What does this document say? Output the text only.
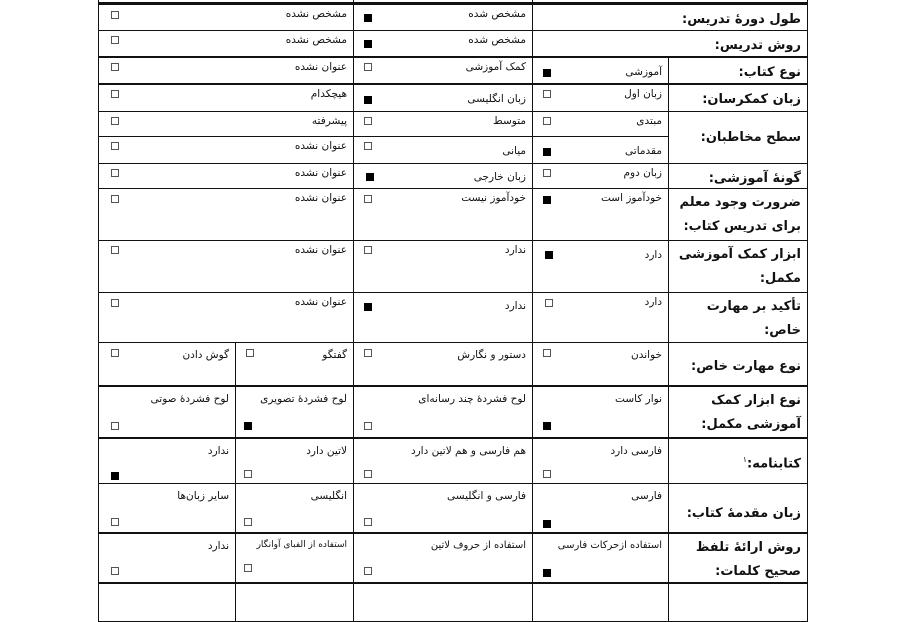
طول دورهٔ تدریس:
مشخص شده
مشخص نشده
روش تدریس:
مشخص شده
مشخص نشده
نوع کتاب:
آموزشی
کمک آموزشی
عنوان نشده
زبان کمکرسان:
زبان اول
زبان انگلیسی
هیچکدام
سطح مخاطبان:
مبتدی
متوسط
پیشرفته
مقدماتی
میانی
عنوان نشده
گونهٔ آموزشی:
زبان دوم
زبان خارجی
عنوان نشده
ضرورت وجود معلم برای تدریس کتاب:
خودآموز است
خودآموز نیست
عنوان نشده
ابزار کمک آموزشی مکمل:
دارد
ندارد
عنوان نشده
تأکید بر مهارت خاص:
دارد
ندارد
عنوان نشده
نوع مهارت خاص:
خواندن
دستور و نگارش
گفتگو
گوش دادن
نوع ابزار کمک آموزشی مکمل:
نوار کاست
لوح فشردهٔ چند رسانه‌ای
لوح فشردهٔ تصویری
لوح فشردهٔ صوتی
کتابنامه:$^۱$
فارسی دارد
هم فارسی و هم لاتین دارد
لاتین دارد
ندارد
زبان مقدمهٔ کتاب:
فارسی
فارسی و انگلیسی
انگلیسی
سایر زبان‌ها
روش ارائهٔ تلفظ صحیح کلمات:
استفاده ازحرکات فارسی
استفاده از حروف لاتین
استفاده از الفبای آوانگار
ندارد
